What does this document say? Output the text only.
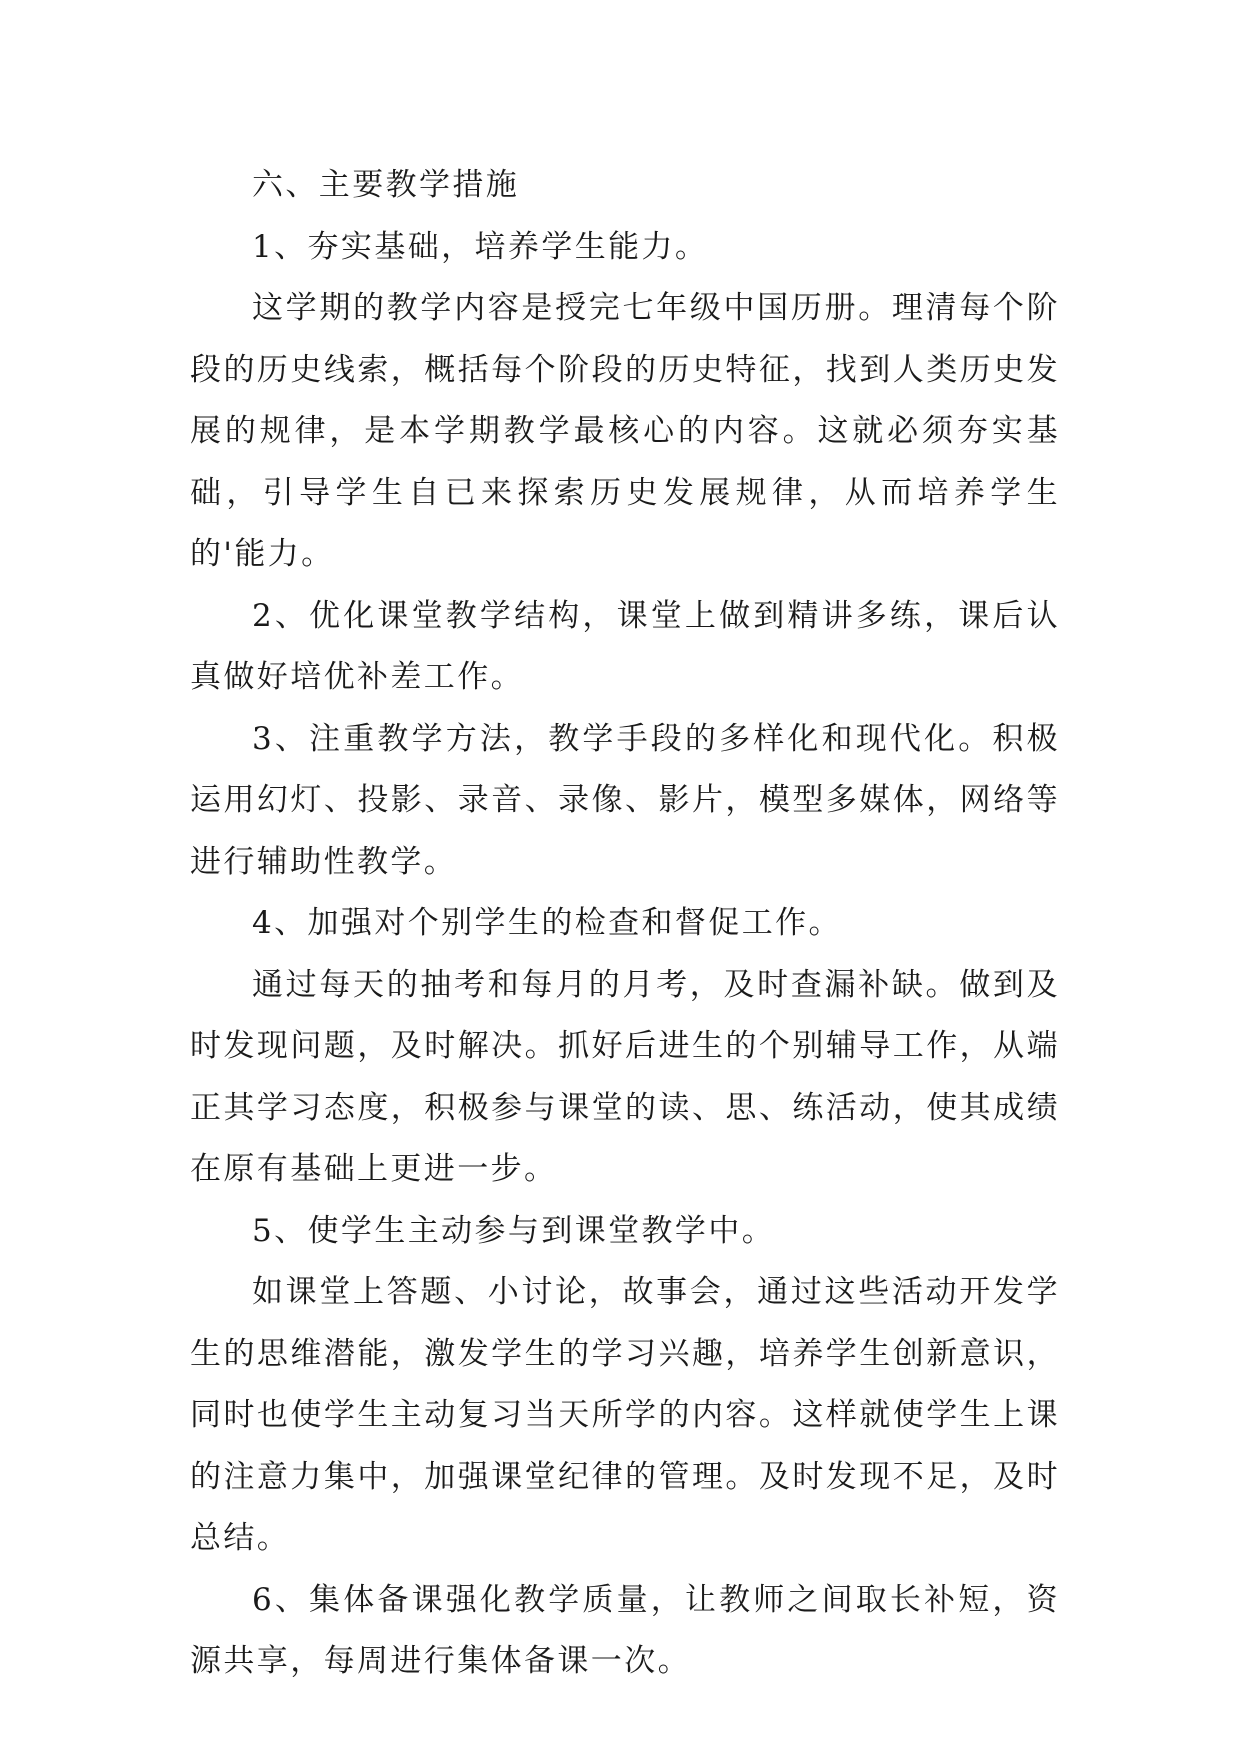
六、主要教学措施

1、夯实基础，培养学生能力。

这学期的教学内容是授完七年级中国历册。理清每个阶段的历史线索，概括每个阶段的历史特征，找到人类历史发展的规律，是本学期教学最核心的内容。这就必须夯实基础，引导学生自已来探索历史发展规律，从而培养学生的'能力。

2、优化课堂教学结构，课堂上做到精讲多练，课后认真做好培优补差工作。

3、注重教学方法，教学手段的多样化和现代化。积极运用幻灯、投影、录音、录像、影片，模型多媒体，网络等进行辅助性教学。

4、加强对个别学生的检查和督促工作。

通过每天的抽考和每月的月考，及时查漏补缺。做到及时发现问题，及时解决。抓好后进生的个别辅导工作，从端正其学习态度，积极参与课堂的读、思、练活动，使其成绩在原有基础上更进一步。

5、使学生主动参与到课堂教学中。

如课堂上答题、小讨论，故事会，通过这些活动开发学生的思维潜能，激发学生的学习兴趣，培养学生创新意识，同时也使学生主动复习当天所学的内容。这样就使学生上课的注意力集中，加强课堂纪律的管理。及时发现不足，及时总结。

6、集体备课强化教学质量，让教师之间取长补短，资源共享，每周进行集体备课一次。
